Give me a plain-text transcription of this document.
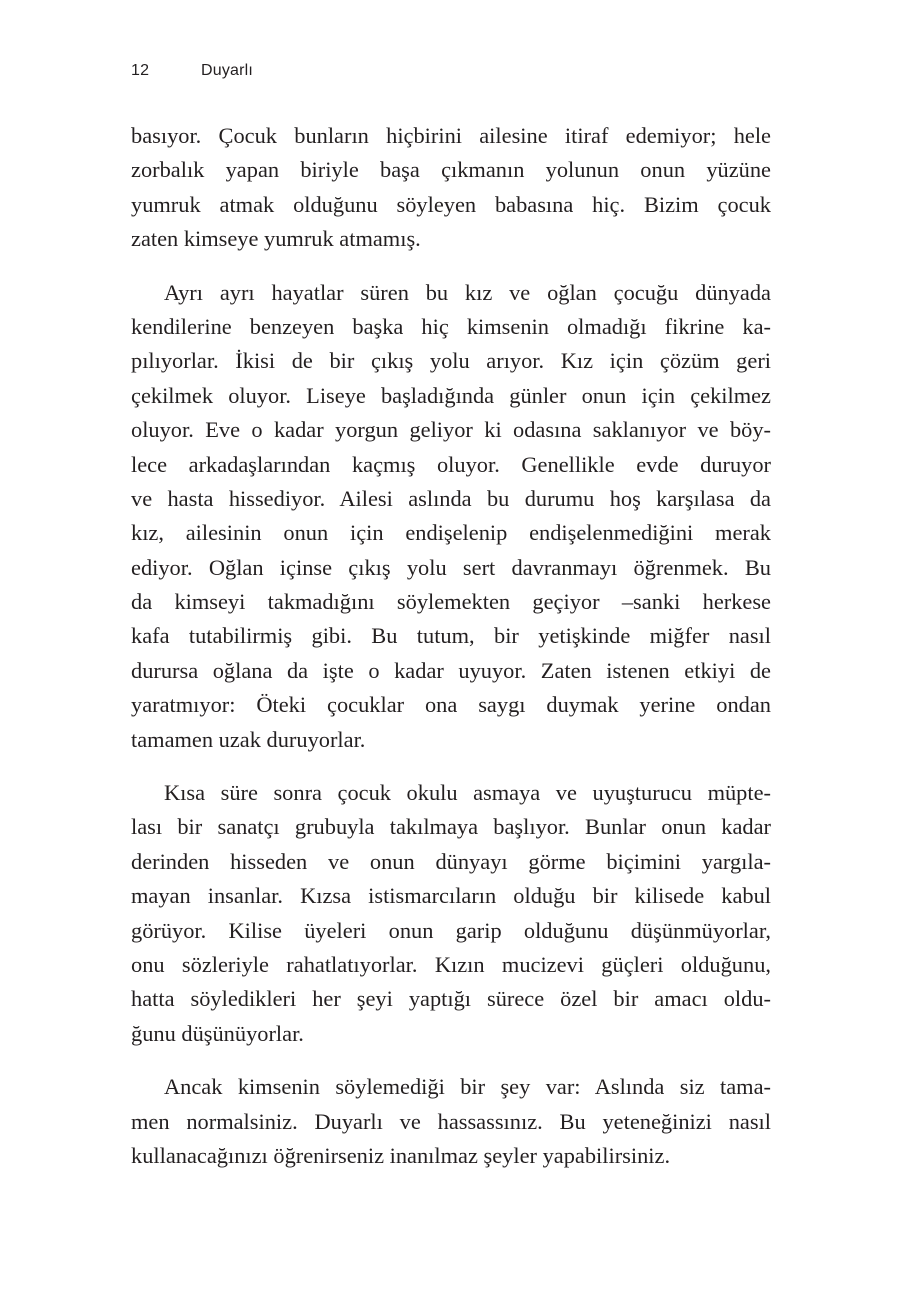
12	Duyarlı
basıyor. Çocuk bunların hiçbirini ailesine itiraf edemiyor; hele
zorbalık yapan biriyle başa çıkmanın yolunun onun yüzüne
yumruk atmak olduğunu söyleyen babasına hiç. Bizim çocuk
zaten kimseye yumruk atmamış.
Ayrı ayrı hayatlar süren bu kız ve oğlan çocuğu dünyada
kendilerine benzeyen başka hiç kimsenin olmadığı fikrine ka-
pılıyorlar. İkisi de bir çıkış yolu arıyor. Kız için çözüm geri
çekilmek oluyor. Liseye başladığında günler onun için çekilmez
oluyor. Eve o kadar yorgun geliyor ki odasına saklanıyor ve böy-
lece arkadaşlarından kaçmış oluyor. Genellikle evde duruyor
ve hasta hissediyor. Ailesi aslında bu durumu hoş karşılasa da
kız, ailesinin onun için endişelenip endişelenmediğini merak
ediyor. Oğlan içinse çıkış yolu sert davranmayı öğrenmek. Bu
da kimseyi takmadığını söylemekten geçiyor –sanki herkese
kafa tutabilirmiş gibi. Bu tutum, bir yetişkinde miğfer nasıl
durursa oğlana da işte o kadar uyuyor. Zaten istenen etkiyi de
yaratmıyor: Öteki çocuklar ona saygı duymak yerine ondan
tamamen uzak duruyorlar.
Kısa süre sonra çocuk okulu asmaya ve uyuşturucu müpte-
lası bir sanatçı grubuyla takılmaya başlıyor. Bunlar onun kadar
derinden hisseden ve onun dünyayı görme biçimini yargıla-
mayan insanlar. Kızsa istismarcıların olduğu bir kilisede kabul
görüyor. Kilise üyeleri onun garip olduğunu düşünmüyorlar,
onu sözleriyle rahatlatıyorlar. Kızın mucizevi güçleri olduğunu,
hatta söyledikleri her şeyi yaptığı sürece özel bir amacı oldu-
ğunu düşünüyorlar.
Ancak kimsenin söylemediği bir şey var: Aslında siz tama-
men normalsiniz. Duyarlı ve hassassınız. Bu yeteneğinizi nasıl
kullanacağınızı öğrenirseniz inanılmaz şeyler yapabilirsiniz.
